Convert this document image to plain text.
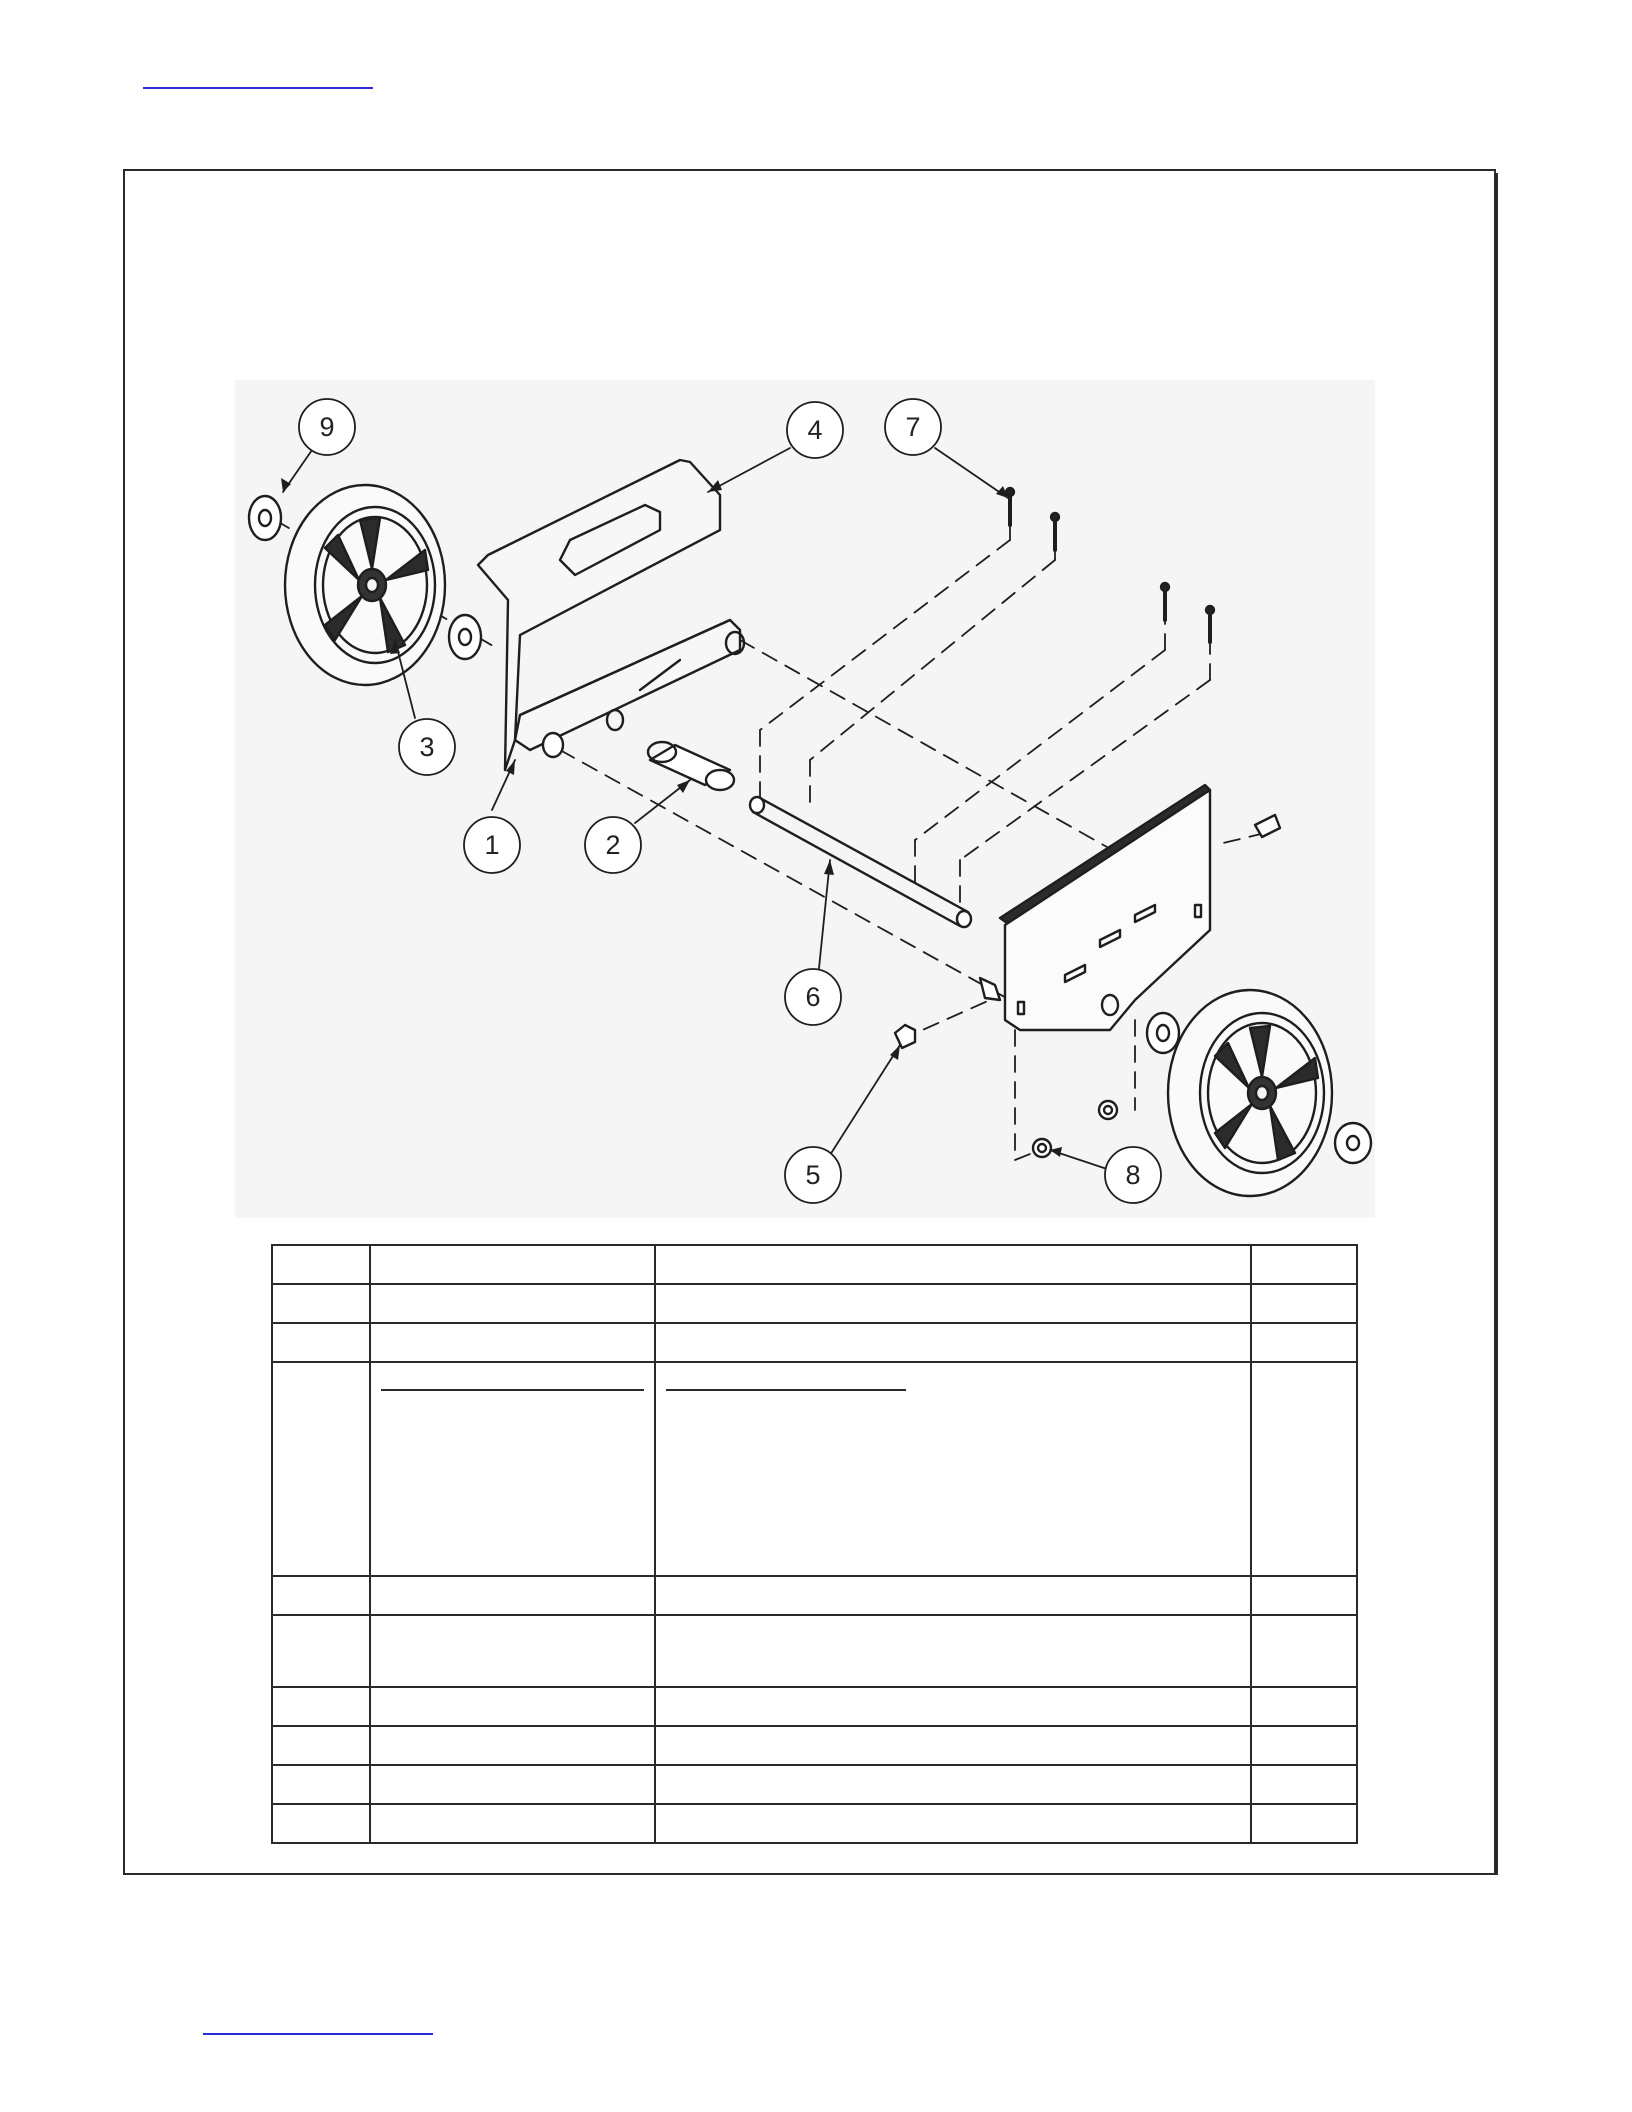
9	4	7
3
1	2
6
5	8
